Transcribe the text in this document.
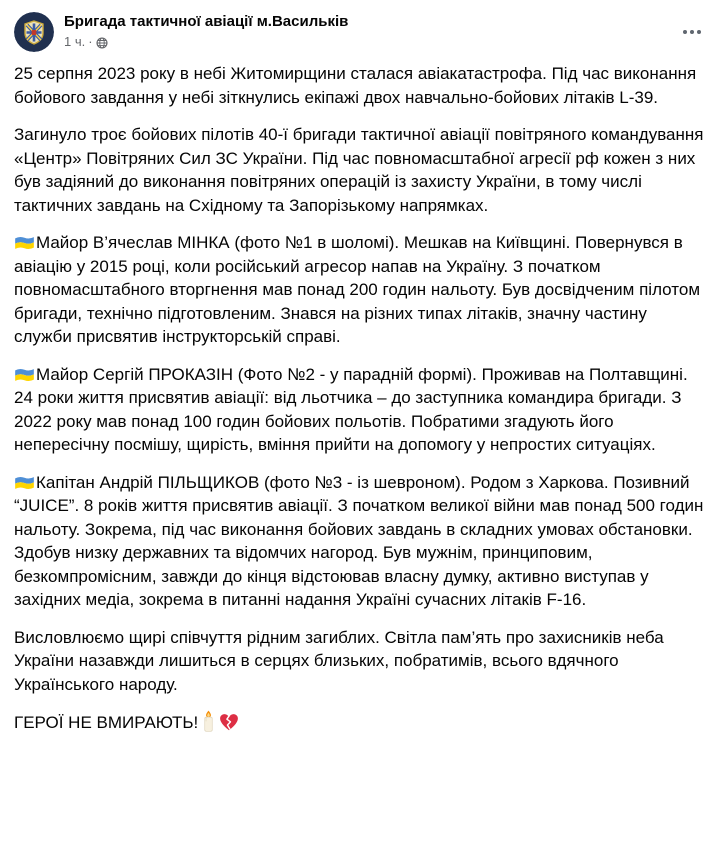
Бригада тактичної авіації м.Васильків
1 ч. ·

25 серпня 2023 року в небі Житомирщини сталася авіакатастрофа. Під час виконання бойового завдання у небі зіткнулись екіпажі двох навчально-бойових літаків L-39.

Загинуло троє бойових пілотів 40-ї бригади тактичної авіації повітряного командування «Центр» Повітряних Сил ЗС України. Під час повномасштабної агресії рф кожен з них був задіяний до виконання повітряних операцій із захисту України, в тому числі тактичних завдань на Східному та Запорізькому напрямках.

Майор В’ячеслав МІНКА (фото №1 в шоломі). Мешкав на Київщині. Повернувся в авіацію у 2015 році, коли російський агресор напав на Україну. З початком повномасштабного вторгнення мав понад 200 годин нальоту. Був досвідченим пілотом бригади, технічно підготовленим. Знався на різних типах літаків, значну частину служби присвятив інструкторській справі.

Майор Сергій ПРОКАЗІН (Фото №2 - у парадній формі). Проживав на Полтавщині. 24 роки життя присвятив авіації: від льотчика – до заступника командира бригади. З 2022 року мав понад 100 годин бойових польотів. Побратими згадують його непересічну посмішу, щирість, вміння прийти на допомогу у непростих ситуаціях.

Капітан Андрій ПІЛЬЩИКОВ (фото №3 - із шевроном). Родом з Харкова. Позивний “JUICE”. 8 років життя присвятив авіації. З початком великої війни мав понад 500 годин нальоту. Зокрема, під час виконання бойових завдань в складних умовах обстановки. Здобув низку державних та відомчих нагород. Був мужнім, принциповим, безкомпромісним, завжди до кінця відстоював власну думку, активно виступав у західних медіа, зокрема в питанні надання Україні сучасних літаків F-16.

Висловлюємо щирі співчуття рідним загиблих. Світла пам’ять про захисників неба України назавжди лишиться в серцях близьких, побратимів, всього вдячного Українського народу.

ГЕРОЇ НЕ ВМИРАЮТЬ!
